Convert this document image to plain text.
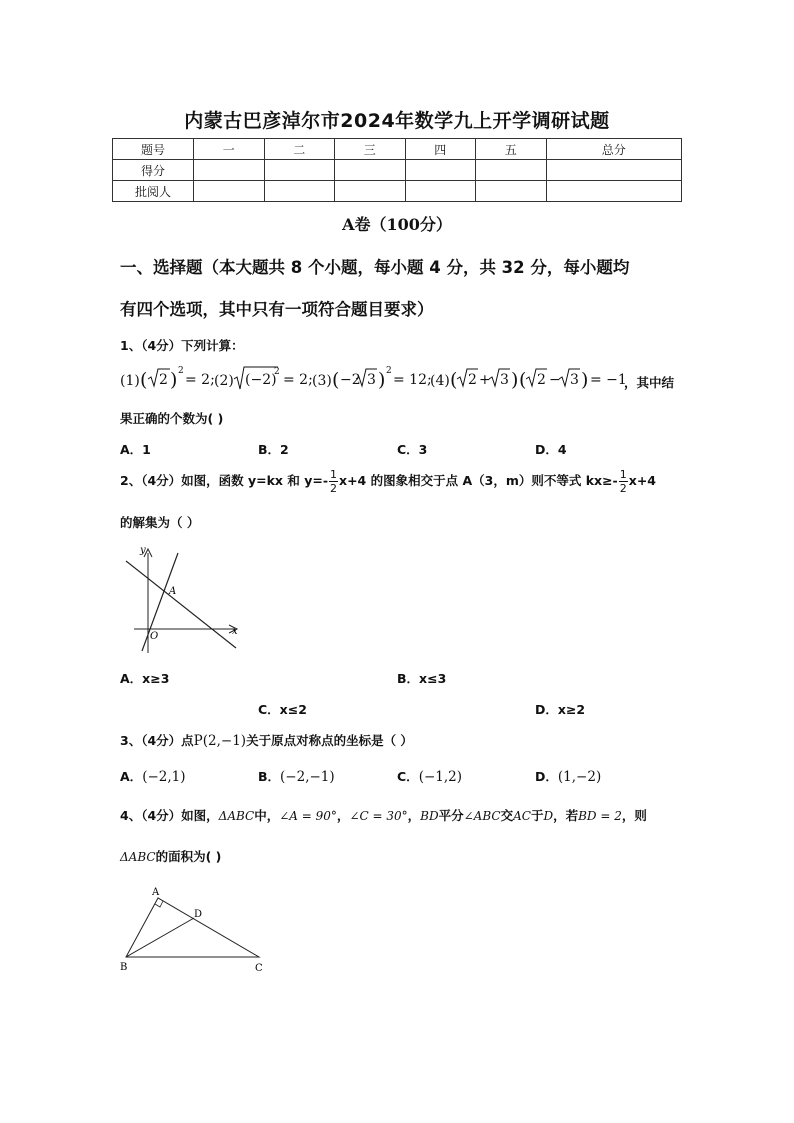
内蒙古巴彦淖尔市2024年数学九上开学调研试题
题号	一	二	三	四	五	总分
得分						
批阅人						
A卷（100分）
一、选择题（本大题共 8 个小题，每小题 4 分，共 32 分，每小题均
有四个选项，其中只有一项符合题目要求）
1、（4分）下列计算：
(1) ( 2 ) 2
= 2; (2) (−2)
2 = 2; (3) ( −2 3 ) 2
= 12;
(4) ( 2 + 3 ) ( 2 − 3 ) = −1
，其中结
果正确的个数为( )
A．1	B．2	C．3	D．4
2、（4分）如图，函数 y=kx 和 $y=- \frac{1}{2} x+4$ 的图象相交于点 A（3，m）则不等式 $kx\ge- \frac{1}{2} x+4$
的解集为（ ）
y
x
A
O
A．x≥3	B．x≤3
C．x≤2	D．x≥2
3、（4分）点P(2,−1)关于原点对称点的坐标是（ ）
A．(−2,1)	B．(−2,−1)	C．(−1,2)	D．(1,−2)
4、（4分）如图，ΔABC中，∠A = 90°，∠C = 30°，BD平分∠ABC交AC于D，若BD = 2，则
ΔABC的面积为( )
A
B	C
D
